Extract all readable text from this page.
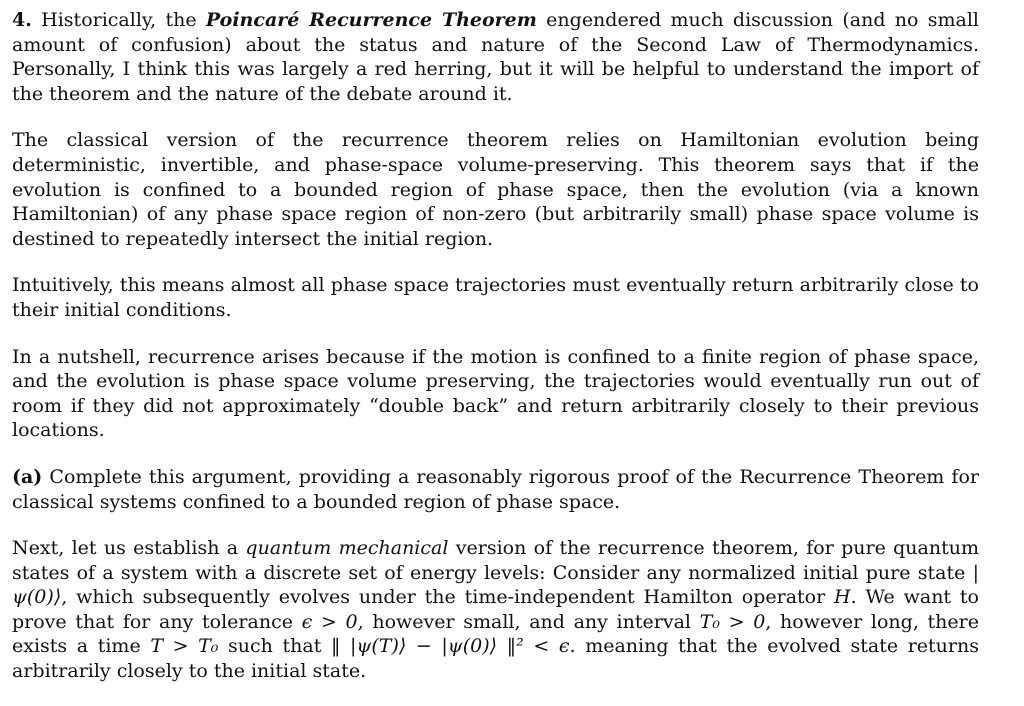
4. Historically, the Poincaré Recurrence Theorem engendered much discussion (and no small amount of confusion) about the status and nature of the Second Law of Thermodynamics. Personally, I think this was largely a red herring, but it will be helpful to understand the import of the theorem and the nature of the debate around it.

The classical version of the recurrence theorem relies on Hamiltonian evolution being deterministic, invertible, and phase-space volume-preserving. This theorem says that if the evolution is confined to a bounded region of phase space, then the evolution (via a known Hamiltonian) of any phase space region of non-zero (but arbitrarily small) phase space volume is destined to repeatedly intersect the initial region.

Intuitively, this means almost all phase space trajectories must eventually return arbitrarily close to their initial conditions.

In a nutshell, recurrence arises because if the motion is confined to a finite region of phase space, and the evolution is phase space volume preserving, the trajectories would eventually run out of room if they did not approximately “double back” and return arbitrarily closely to their previous locations.

(a) Complete this argument, providing a reasonably rigorous proof of the Recurrence Theorem for classical systems confined to a bounded region of phase space.

Next, let us establish a quantum mechanical version of the recurrence theorem, for pure quantum states of a system with a discrete set of energy levels: Consider any normalized initial pure state |ψ(0)⟩, which subsequently evolves under the time-independent Hamilton operator H. We want to prove that for any tolerance ϵ > 0, however small, and any interval T₀ > 0, however long, there exists a time T > T₀ such that ‖ |ψ(T)⟩ − |ψ(0)⟩ ‖² < ϵ. meaning that the evolved state returns arbitrarily closely to the initial state.
